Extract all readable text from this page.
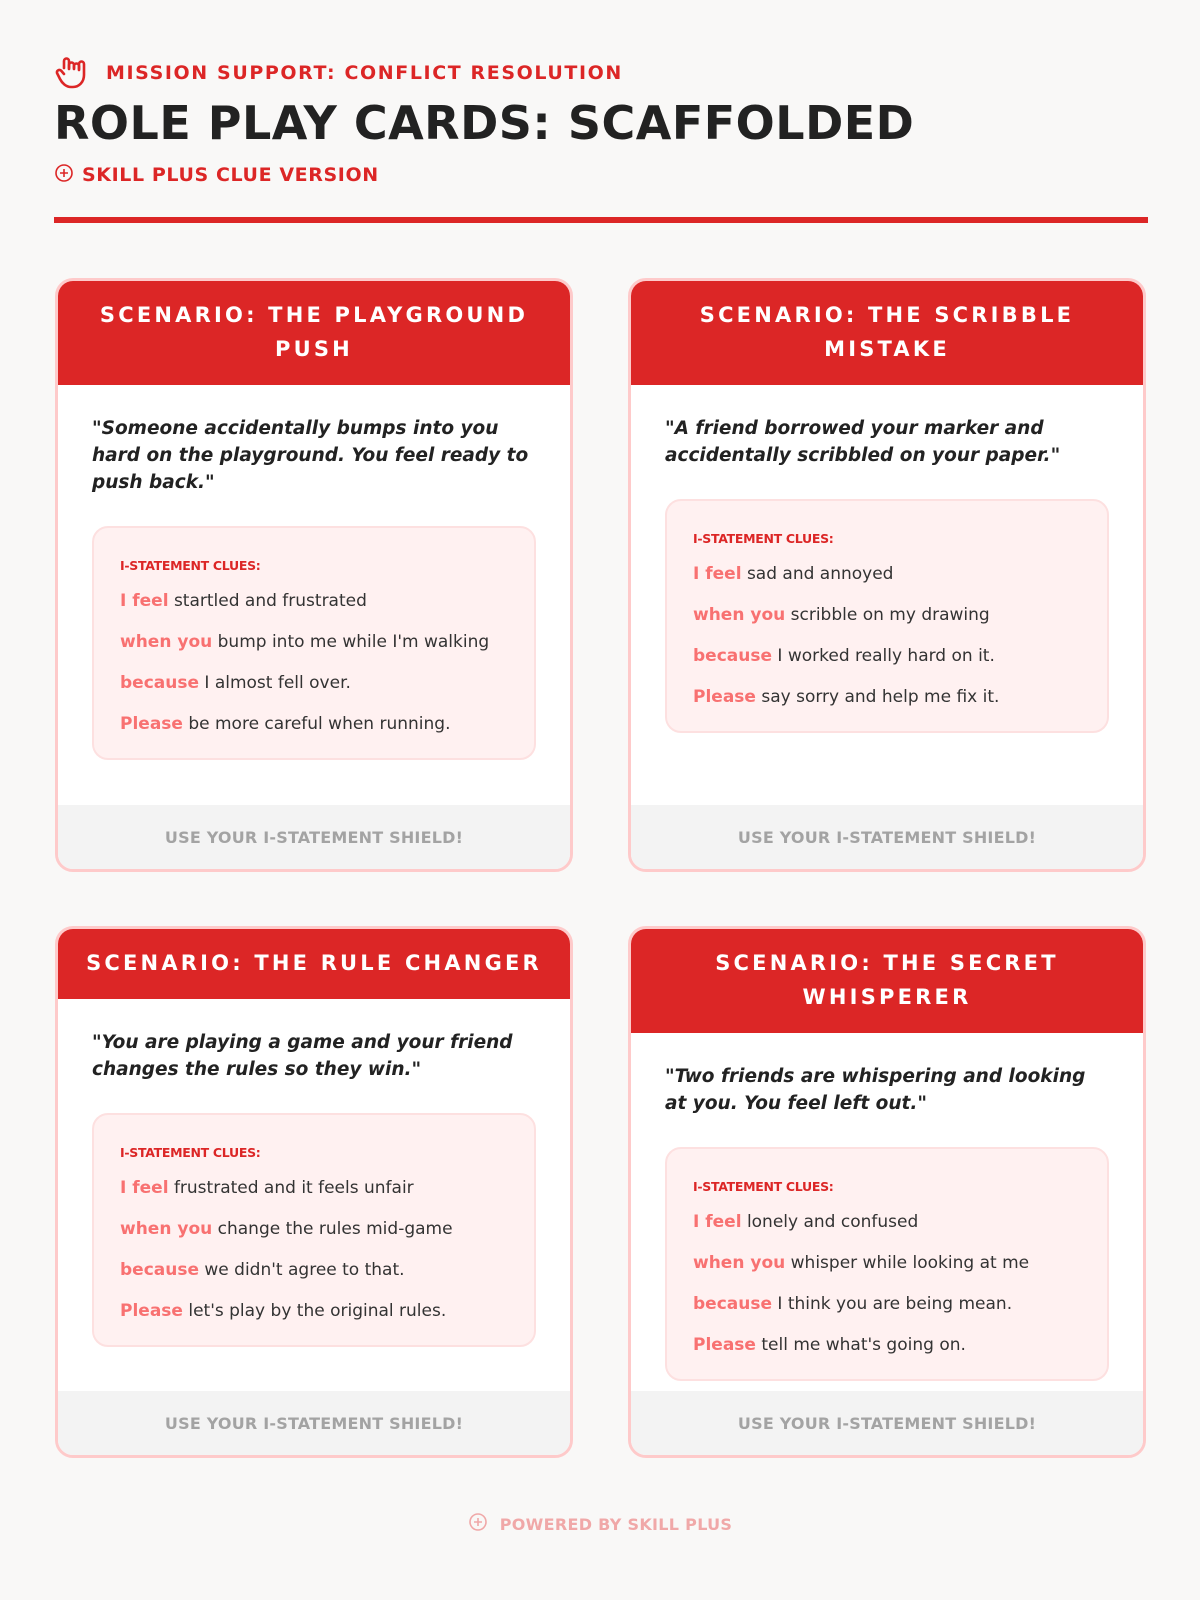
MISSION SUPPORT: CONFLICT RESOLUTION
ROLE PLAY CARDS: SCAFFOLDED
SKILL PLUS CLUE VERSION
SCENARIO: THE PLAYGROUND PUSH

"Someone accidentally bumps into you hard on the playground. You feel ready to push back."

I-STATEMENT CLUES:
I feel startled and frustrated
when you bump into me while I'm walking
because I almost fell over.
Please be more careful when running.
USE YOUR I-STATEMENT SHIELD!
SCENARIO: THE SCRIBBLE MISTAKE

"A friend borrowed your marker and accidentally scribbled on your paper."

I-STATEMENT CLUES:
I feel sad and annoyed
when you scribble on my drawing
because I worked really hard on it.
Please say sorry and help me fix it.
USE YOUR I-STATEMENT SHIELD!
SCENARIO: THE RULE CHANGER

"You are playing a game and your friend changes the rules so they win."

I-STATEMENT CLUES:
I feel frustrated and it feels unfair
when you change the rules mid-game
because we didn't agree to that.
Please let's play by the original rules.
USE YOUR I-STATEMENT SHIELD!
SCENARIO: THE SECRET WHISPERER

"Two friends are whispering and looking at you. You feel left out."

I-STATEMENT CLUES:
I feel lonely and confused
when you whisper while looking at me
because I think you are being mean.
Please tell me what's going on.
USE YOUR I-STATEMENT SHIELD!
POWERED BY SKILL PLUS
